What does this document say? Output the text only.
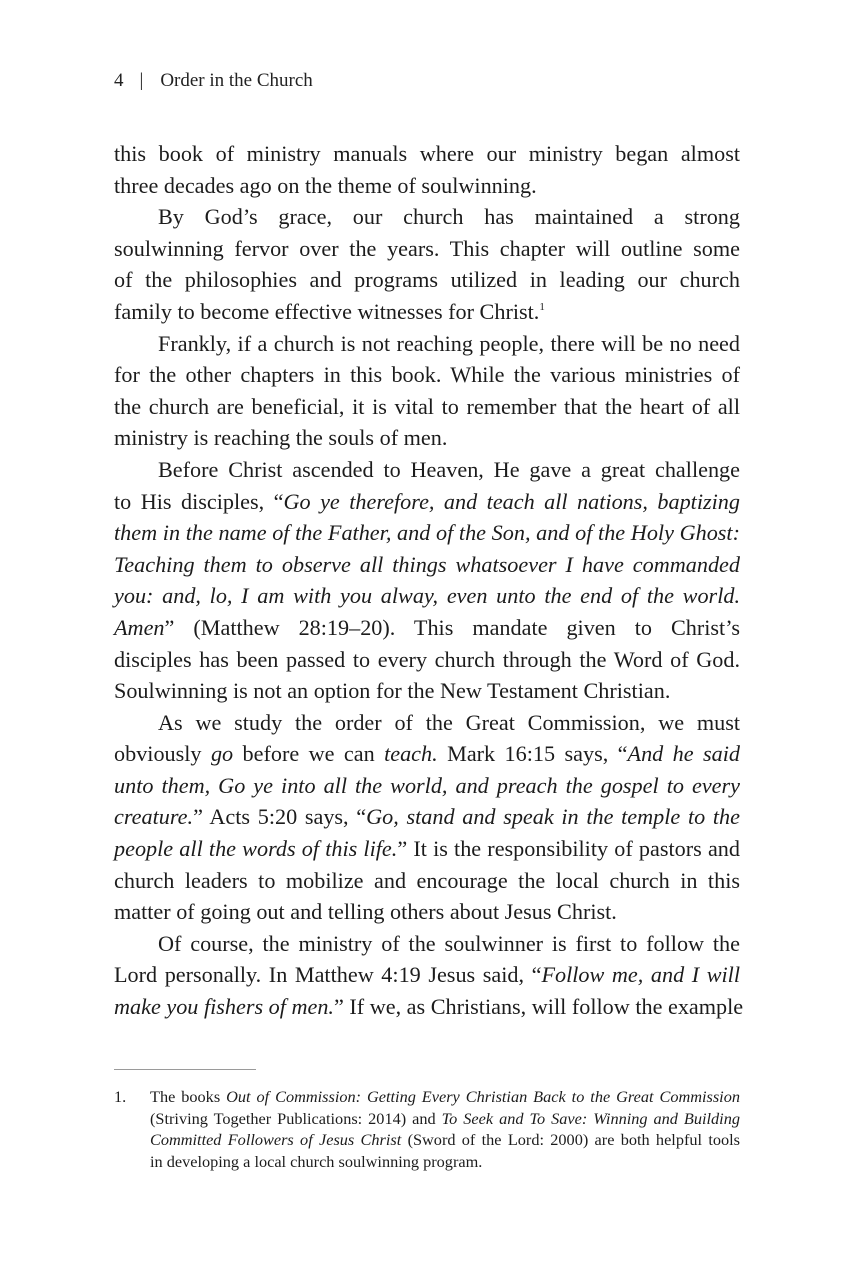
4 | Order in the Church
this book of ministry manuals where our ministry began almost
three decades ago on the theme of soulwinning.
By God’s grace, our church has maintained a strong
soulwinning fervor over the years. This chapter will outline some
of the philosophies and programs utilized in leading our church
family to become effective witnesses for Christ.$^1$
Frankly, if a church is not reaching people, there will be no need
for the other chapters in this book. While the various ministries of
the church are beneficial, it is vital to remember that the heart of all
ministry is reaching the souls of men.
Before Christ ascended to Heaven, He gave a great challenge
to His disciples, “Go ye therefore, and teach all nations, baptizing
them in the name of the Father, and of the Son, and of the Holy Ghost:
Teaching them to observe all things whatsoever I have commanded
you: and, lo, I am with you alway, even unto the end of the world.
Amen” (Matthew 28:19–20). This mandate given to Christ’s
disciples has been passed to every church through the Word of God.
Soulwinning is not an option for the New Testament Christian.
As we study the order of the Great Commission, we must
obviously go before we can teach. Mark 16:15 says, “And he said
unto them, Go ye into all the world, and preach the gospel to every
creature.” Acts 5:20 says, “Go, stand and speak in the temple to the
people all the words of this life.” It is the responsibility of pastors and
church leaders to mobilize and encourage the local church in this
matter of going out and telling others about Jesus Christ.
Of course, the ministry of the soulwinner is first to follow the
Lord personally. In Matthew 4:19 Jesus said, “Follow me, and I will
make you fishers of men.” If we, as Christians, will follow the example
1. The books Out of Commission: Getting Every Christian Back to the Great Commission
(Striving Together Publications: 2014) and To Seek and To Save: Winning and Building
Committed Followers of Jesus Christ (Sword of the Lord: 2000) are both helpful tools
in developing a local church soulwinning program.
